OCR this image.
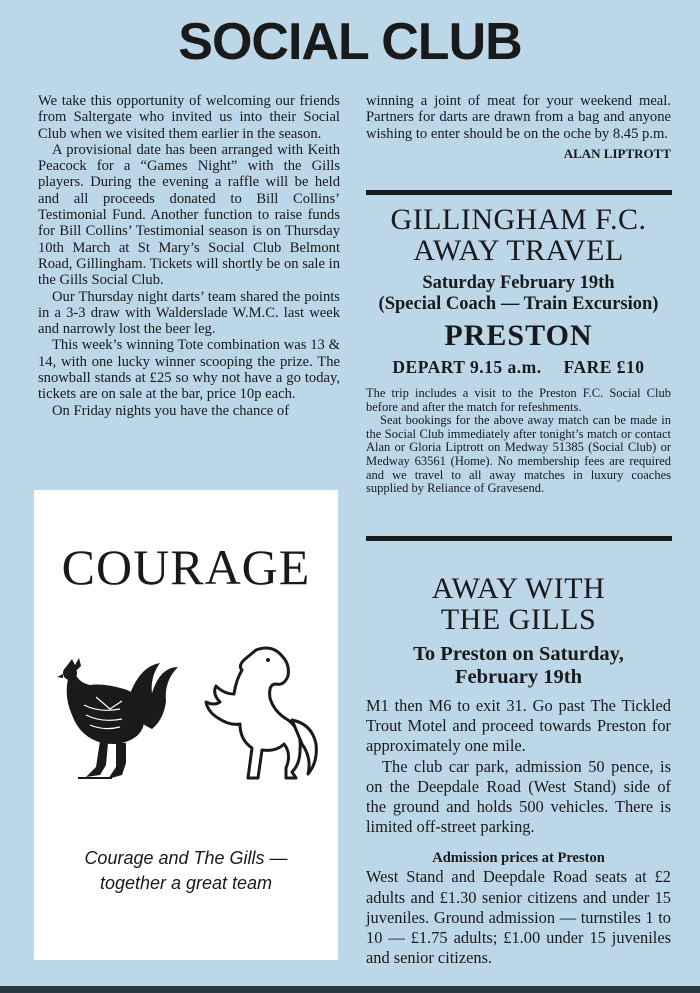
SOCIAL CLUB

We take this opportunity of welcoming our friends from Saltergate who invited us into their Social Club when we visited them earlier in the season.

A provisional date has been arranged with Keith Peacock for a “Games Night” with the Gills players. During the evening a raffle will be held and all proceeds donated to Bill Collins’ Testimonial Fund. Another function to raise funds for Bill Collins’ Testimonial season is on Thursday 10th March at St Mary’s Social Club Belmont Road, Gillingham. Tickets will shortly be on sale in the Gills Social Club.

Our Thursday night darts’ team shared the points in a 3-3 draw with Walderslade W.M.C. last week and narrowly lost the beer leg.

This week’s winning Tote combination was 13 & 14, with one lucky winner scooping the prize. The snowball stands at £25 so why not have a go today, tickets are on sale at the bar, price 10p each.

On Friday nights you have the chance of

winning a joint of meat for your weekend meal. Partners for darts are drawn from a bag and anyone wishing to enter should be on the oche by 8.45 p.m.

ALAN LIPTROTT
GILLINGHAM F.C.
AWAY TRAVEL
Saturday February 19th
(Special Coach — Train Excursion)
PRESTON
DEPART 9.15 a.m. FARE £10

The trip includes a visit to the Preston F.C. Social Club before and after the match for refeshments.

Seat bookings for the above away match can be made in the Social Club immediately after tonight’s match or contact Alan or Gloria Liptrott on Medway 51385 (Social Club) or Medway 63561 (Home). No membership fees are required and we travel to all away matches in luxury coaches supplied by Reliance of Gravesend.

AWAY WITH
THE GILLS
To Preston on Saturday,
February 19th

M1 then M6 to exit 31. Go past The Tickled Trout Motel and proceed towards Preston for approximately one mile.

The club car park, admission 50 pence, is on the Deepdale Road (West Stand) side of the ground and holds 500 vehicles. There is limited off-street parking.

Admission prices at Preston

West Stand and Deepdale Road seats at £2 adults and £1.30 senior citizens and under 15 juveniles. Ground admission — turnstiles 1 to 10 — £1.75 adults; £1.00 under 15 juveniles and senior citizens.

COURAGE
Courage and The Gills —
together a great team
